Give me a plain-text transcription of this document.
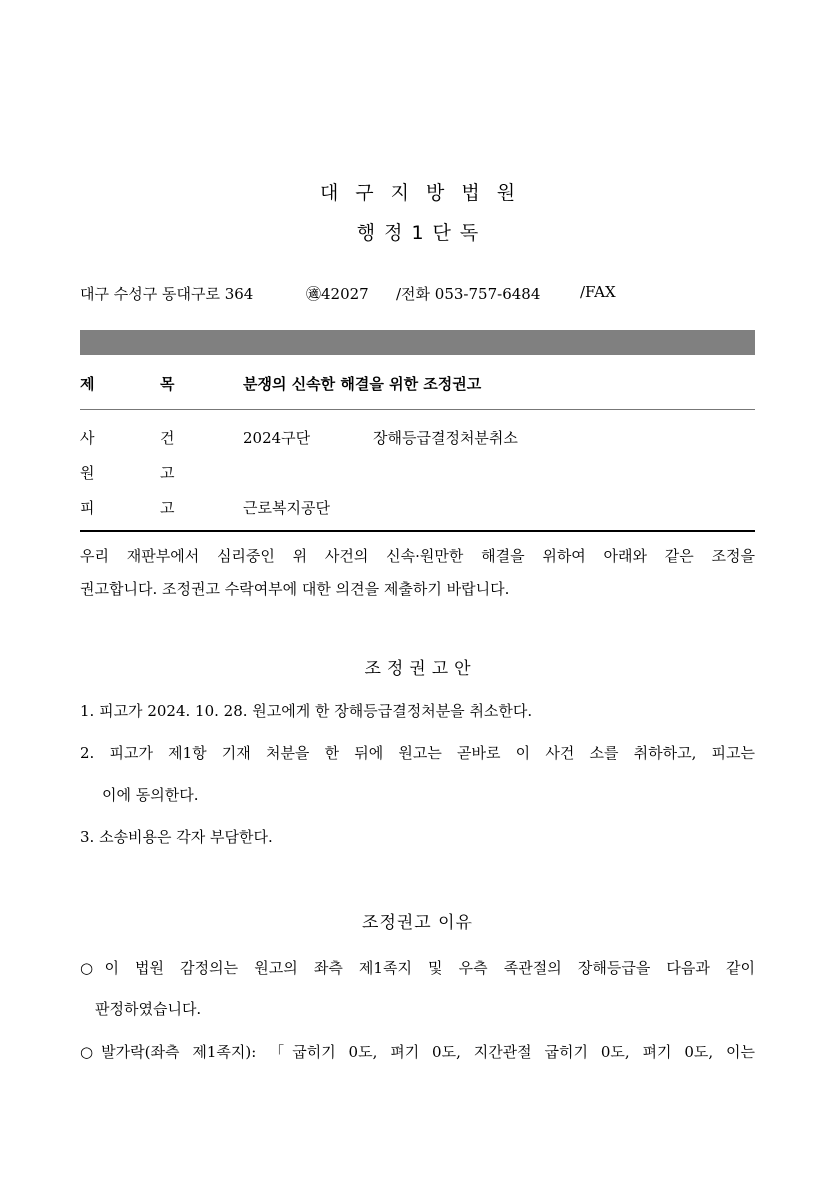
대구지방법원
행정1단독
대구 수성구 동대구로 364	㊜42027 /전화 053-757-6484	/FAX
제	목	분쟁의 신속한 해결을 위한 조정권고
사	건	2024구단	장해등급결정처분취소
원	고
피	고	근로복지공단

우리 재판부에서 심리중인 위 사건의 신속·원만한 해결을 위하여 아래와 같은 조정을

권고합니다. 조정권고 수락여부에 대한 의견을 제출하기 바랍니다.

조정권고안
1. 피고가 2024. 10. 28. 원고에게 한 장해등급결정처분을 취소한다.
2. 피고가 제1항 기재 처분을 한 뒤에 원고는 곧바로 이 사건 소를 취하하고, 피고는
이에 동의한다.
3. 소송비용은 각자 부담한다.
조정권고 이유
○이 법원 감정의는 원고의 좌측 제1족지 및 우측 족관절의 장해등급을 다음과 같이
판정하였습니다.
○발가락(좌측 제1족지): 「굽히기 0도, 펴기 0도, 지간관절 굽히기 0도, 펴기 0도, 이는
